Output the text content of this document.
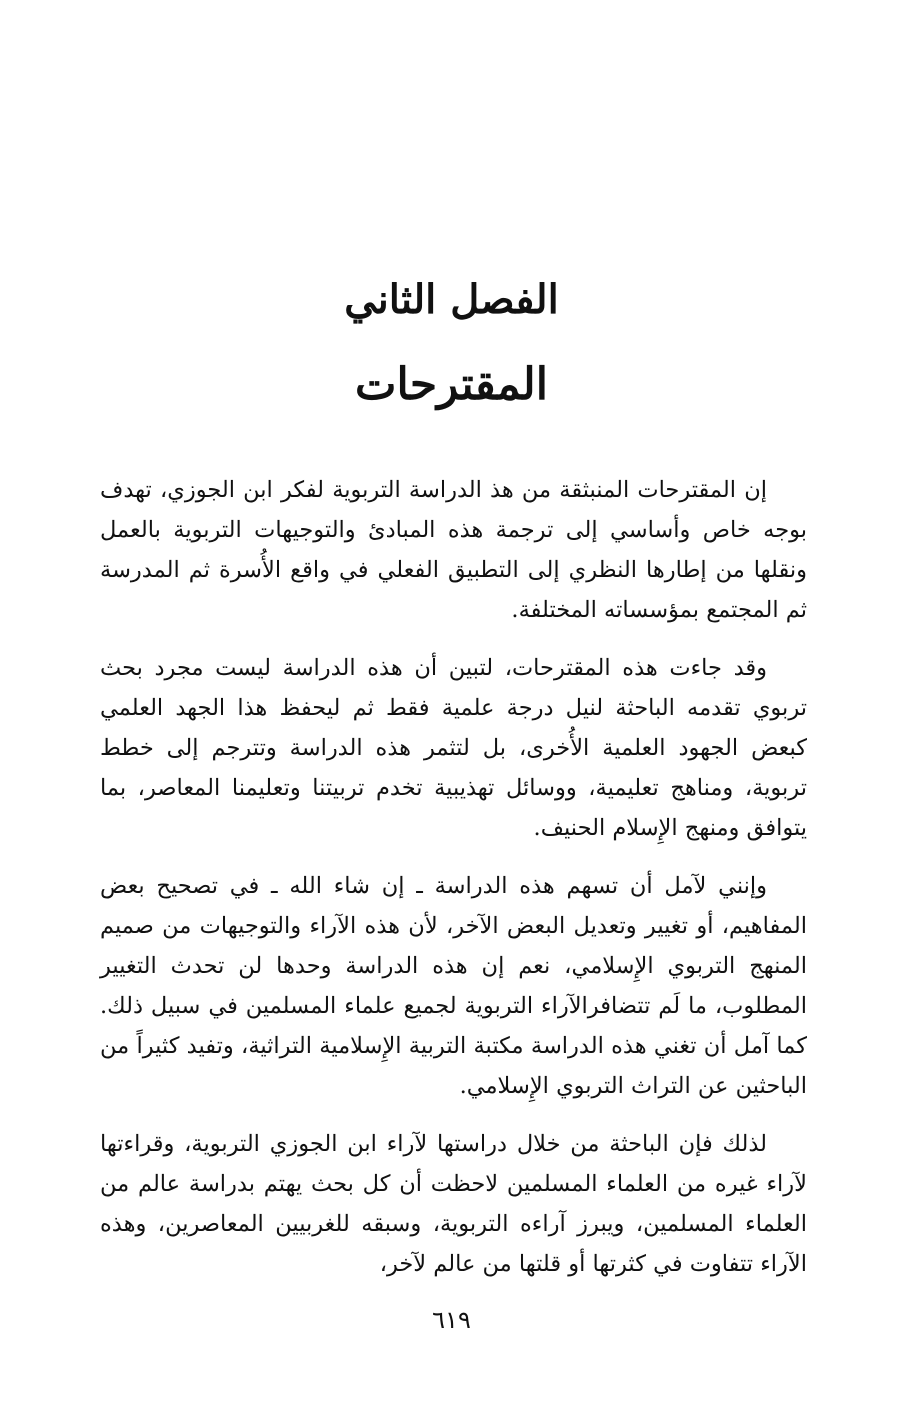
الفصل الثاني
المقترحات

إن المقترحات المنبثقة من هذ الدراسة التربوية لفكر ابن الجوزي، تهدف بوجه خاص وأساسي إلى ترجمة هذه المبادئ والتوجيهات التربوية بالعمل ونقلها من إطارها النظري إلى التطبيق الفعلي في واقع الأُسرة ثم المدرسة ثم المجتمع بمؤسساته المختلفة.

وقد جاءت هذه المقترحات، لتبين أن هذه الدراسة ليست مجرد بحث تربوي تقدمه الباحثة لنيل درجة علمية فقط ثم ليحفظ هذا الجهد العلمي كبعض الجهود العلمية الأُخرى، بل لتثمر هذه الدراسة وتترجم إلى خطط تربوية، ومناهج تعليمية، ووسائل تهذيبية تخدم تربيتنا وتعليمنا المعاصر، بما يتوافق ومنهج الإِسلام الحنيف.

وإنني لآمل أن تسهم هذه الدراسة ـ إن شاء الله ـ في تصحيح بعض المفاهيم، أو تغيير وتعديل البعض الآخر، لأن هذه الآراء والتوجيهات من صميم المنهج التربوي الإِسلامي، نعم إن هذه الدراسة وحدها لن تحدث التغيير المطلوب، ما لَم تتضافرالآراء التربوية لجميع علماء المسلمين في سبيل ذلك. كما آمل أن تغني هذه الدراسة مكتبة التربية الإِسلامية التراثية، وتفيد كثيراً من الباحثين عن التراث التربوي الإِسلامي.

لذلك فإن الباحثة من خلال دراستها لآراء ابن الجوزي التربوية، وقراءتها لآراء غيره من العلماء المسلمين لاحظت أن كل بحث يهتم بدراسة عالم من العلماء المسلمين، ويبرز آراءه التربوية، وسبقه للغربيين المعاصرين، وهذه الآراء تتفاوت في كثرتها أو قلتها من عالم لآخر،

٦١٩
